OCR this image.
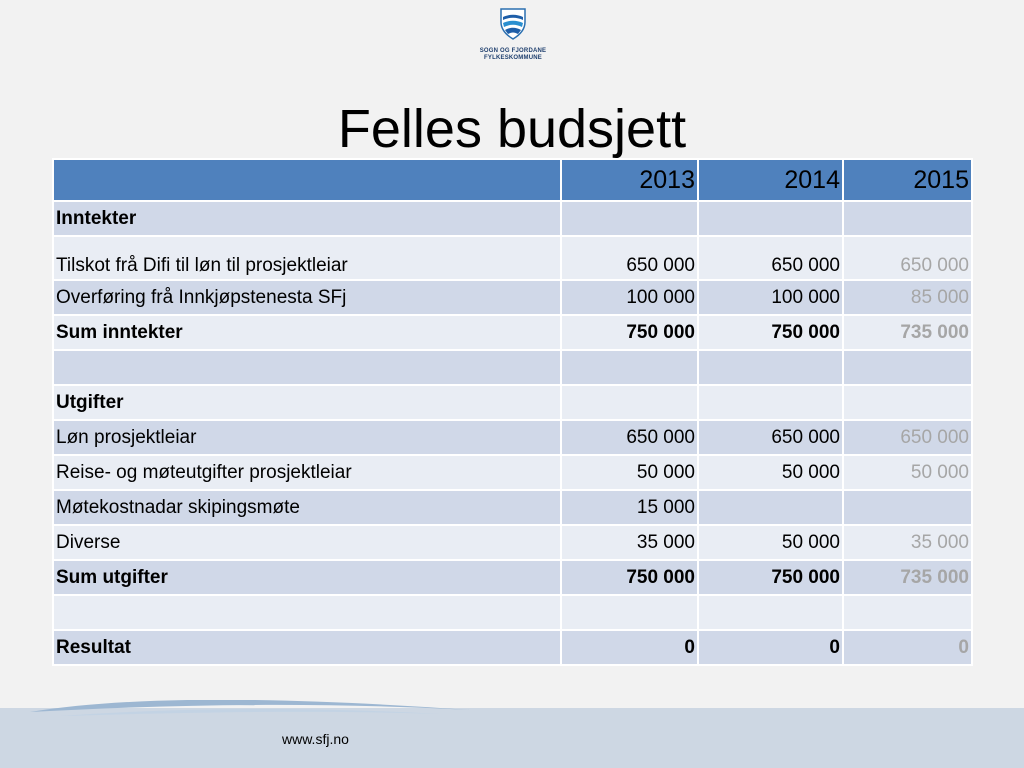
SOGN OG FJORDANE
FYLKESKOMMUNE
Felles budsjett
	2013	2014	2015
Inntekter			
Tilskot frå Difi til løn til prosjektleiar	650 000	650 000	650 000
Overføring frå Innkjøpstenesta SFj	100 000	100 000	85 000
Sum inntekter	750 000	750 000	735 000

Utgifter			
Løn prosjektleiar	650 000	650 000	650 000
Reise- og møteutgifter prosjektleiar	50 000	50 000	50 000
Møtekostnadar skipingsmøte	15 000		
Diverse	35 000	50 000	35 000
Sum utgifter	750 000	750 000	735 000

Resultat	0	0	0
www.sfj.no
